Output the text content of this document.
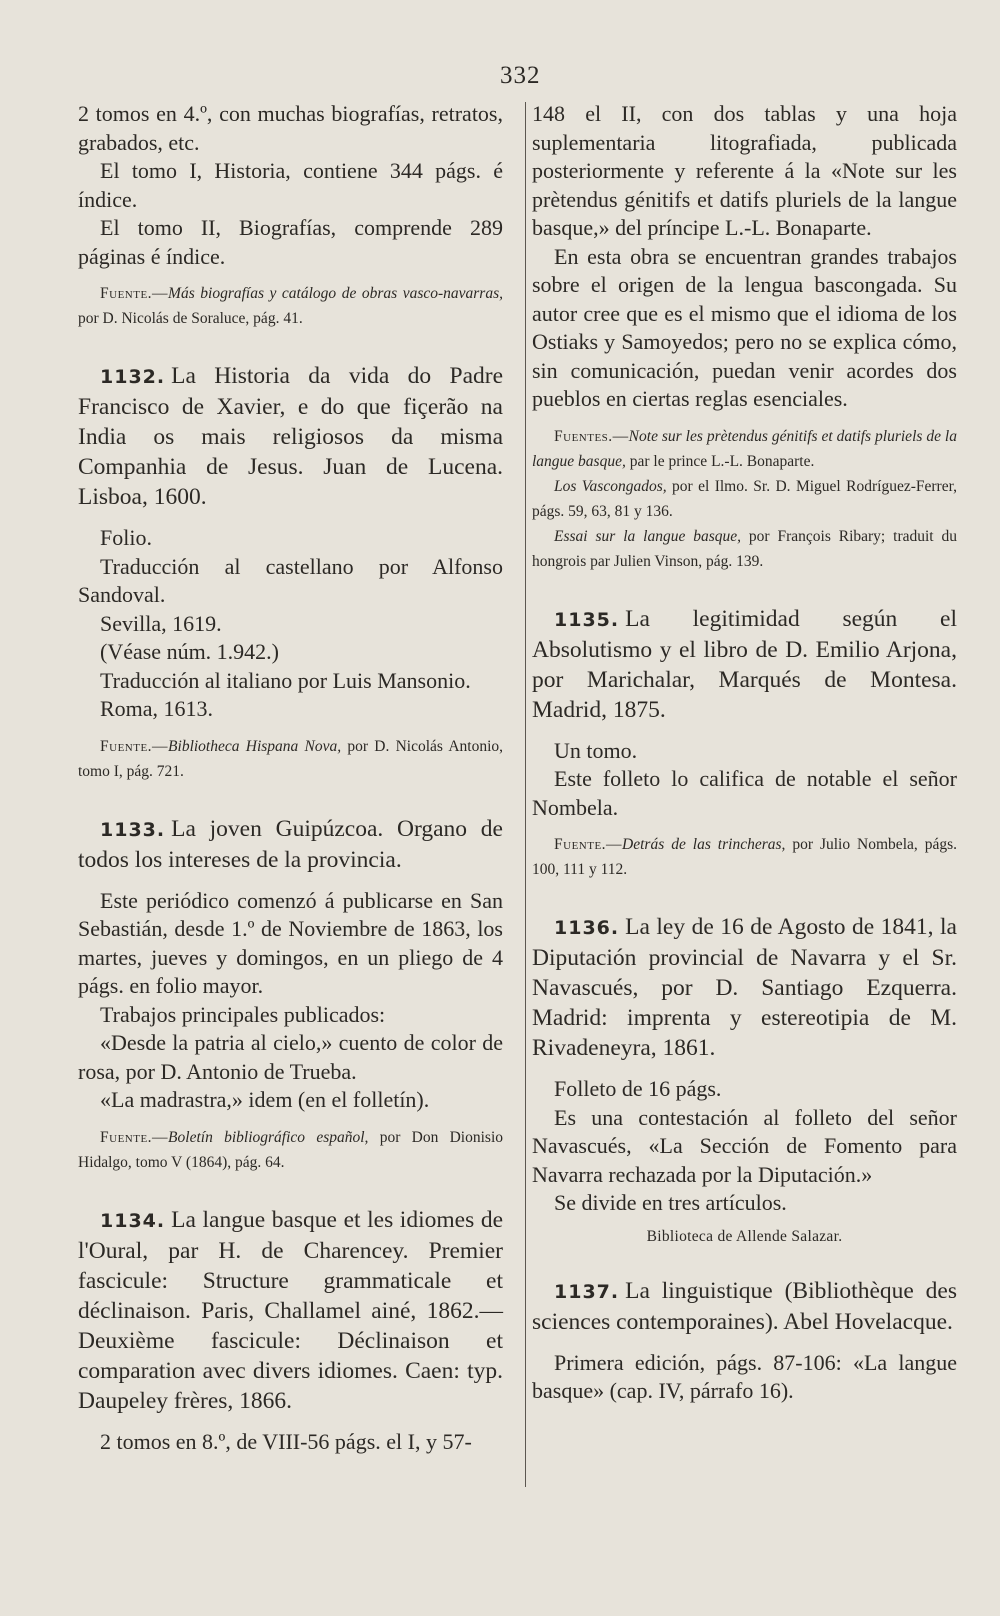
332

2 tomos en 4.º, con muchas biografías, retratos, grabados, etc.

El tomo I, Historia, contiene 344 págs. é índice.

El tomo II, Biografías, comprende 289 páginas é índice.

Fuente.—Más biografías y catálogo de obras vasco-navarras, por D. Nicolás de Soraluce, pág. 41.

1132. La Historia da vida do Padre Francisco de Xavier, e do que fiçerão na India os mais religiosos da misma Companhia de Jesus. Juan de Lucena. Lisboa, 1600.

Folio.

Traducción al castellano por Alfonso Sandoval.

Sevilla, 1619.

(Véase núm. 1.942.)

Traducción al italiano por Luis Mansonio.

Roma, 1613.

Fuente.—Bibliotheca Hispana Nova, por D. Nicolás Antonio, tomo I, pág. 721.

1133. La joven Guipúzcoa. Organo de todos los intereses de la provincia.

Este periódico comenzó á publicarse en San Sebastián, desde 1.º de Noviembre de 1863, los martes, jueves y domingos, en un pliego de 4 págs. en folio mayor.

Trabajos principales publicados:

«Desde la patria al cielo,» cuento de color de rosa, por D. Antonio de Trueba.

«La madrastra,» idem (en el folletín).

Fuente.—Boletín bibliográfico español, por Don Dionisio Hidalgo, tomo V (1864), pág. 64.

1134. La langue basque et les idiomes de l'Oural, par H. de Charencey. Premier fascicule: Structure grammaticale et déclinaison. Paris, Challamel ainé, 1862.—Deuxième fascicule: Déclinaison et comparation avec divers idiomes. Caen: typ. Daupeley frères, 1866.

2 tomos en 8.º, de VIII-56 págs. el I, y 57-

148 el II, con dos tablas y una hoja suplementaria litografiada, publicada posteriormente y referente á la «Note sur les prètendus génitifs et datifs pluriels de la langue basque,» del príncipe L.-L. Bonaparte.

En esta obra se encuentran grandes trabajos sobre el origen de la lengua bascongada. Su autor cree que es el mismo que el idioma de los Ostiaks y Samoyedos; pero no se explica cómo, sin comunicación, puedan venir acordes dos pueblos en ciertas reglas esenciales.

Fuentes.—Note sur les prètendus génitifs et datifs pluriels de la langue basque, par le prince L.-L. Bonaparte.

Los Vascongados, por el Ilmo. Sr. D. Miguel Rodríguez-Ferrer, págs. 59, 63, 81 y 136.

Essai sur la langue basque, por François Ribary; traduit du hongrois par Julien Vinson, pág. 139.

1135. La legitimidad según el Absolutismo y el libro de D. Emilio Arjona, por Marichalar, Marqués de Montesa. Madrid, 1875.

Un tomo.

Este folleto lo califica de notable el señor Nombela.

Fuente.—Detrás de las trincheras, por Julio Nombela, págs. 100, 111 y 112.

1136. La ley de 16 de Agosto de 1841, la Diputación provincial de Navarra y el Sr. Navascués, por D. Santiago Ezquerra. Madrid: imprenta y estereotipia de M. Rivadeneyra, 1861.

Folleto de 16 págs.

Es una contestación al folleto del señor Navascués, «La Sección de Fomento para Navarra rechazada por la Diputación.»

Se divide en tres artículos.

Biblioteca de Allende Salazar.

1137. La linguistique (Bibliothèque des sciences contemporaines). Abel Hovelacque.

Primera edición, págs. 87-106: «La langue basque» (cap. IV, párrafo 16).
